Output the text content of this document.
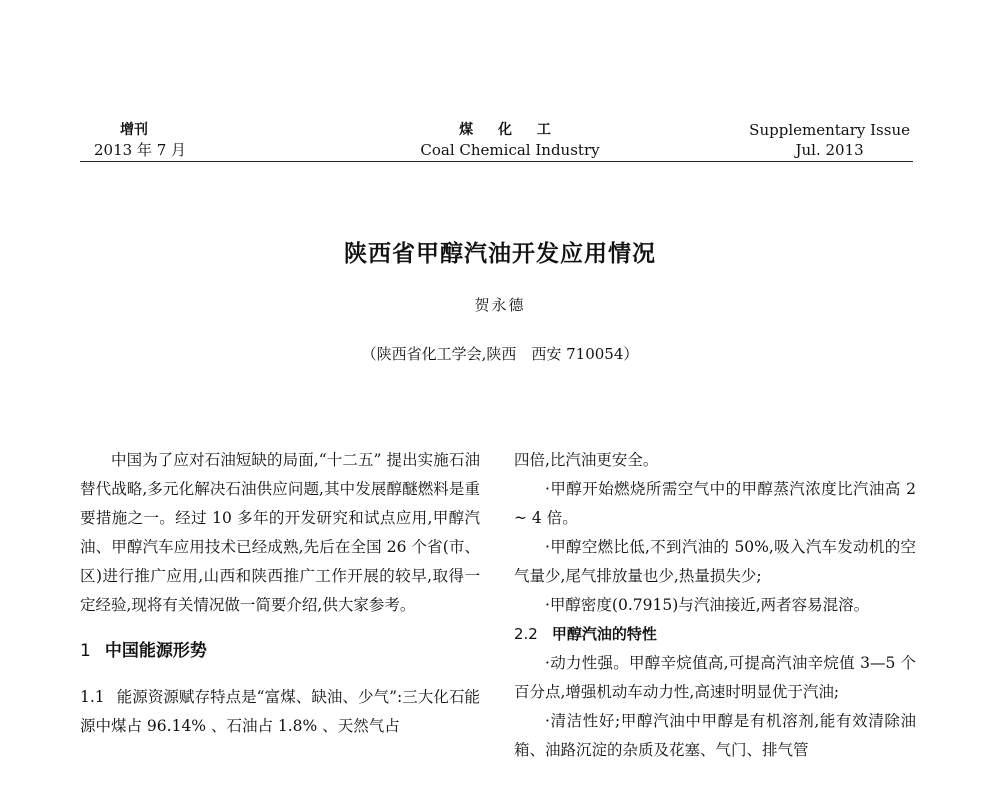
增刊
2013 年 7 月
煤 化 工
Coal Chemical Industry
Supplementary Issue
Jul. 2013
陕西省甲醇汽油开发应用情况
贺永德
（陕西省化工学会,陕西　西安 710054）

中国为了应对石油短缺的局面,“十二五” 提出实施石油替代战略,多元化解决石油供应问题,其中发展醇醚燃料是重要措施之一。经过 10 多年的开发研究和试点应用,甲醇汽油、甲醇汽车应用技术已经成熟,先后在全国 26 个省(市、区)进行推广应用,山西和陕西推广工作开展的较早,取得一定经验,现将有关情况做一简要介绍,供大家参考。

1 中国能源形势

1.1 能源资源赋存特点是“富煤、缺油、少气”:三大化石能源中煤占 96.14% 、石油占 1.8% 、天然气占

四倍,比汽油更安全。

·甲醇开始燃烧所需空气中的甲醇蒸汽浓度比汽油高 2 ~ 4 倍。

·甲醇空燃比低,不到汽油的 50%,吸入汽车发动机的空气量少,尾气排放量也少,热量损失少;

·甲醇密度(0.7915)与汽油接近,两者容易混溶。

2.2 甲醇汽油的特性

·动力性强。甲醇辛烷值高,可提高汽油辛烷值 3—5 个百分点,增强机动车动力性,高速时明显优于汽油;

·清洁性好;甲醇汽油中甲醇是有机溶剂,能有效清除油箱、油路沉淀的杂质及花塞、气门、排气管
